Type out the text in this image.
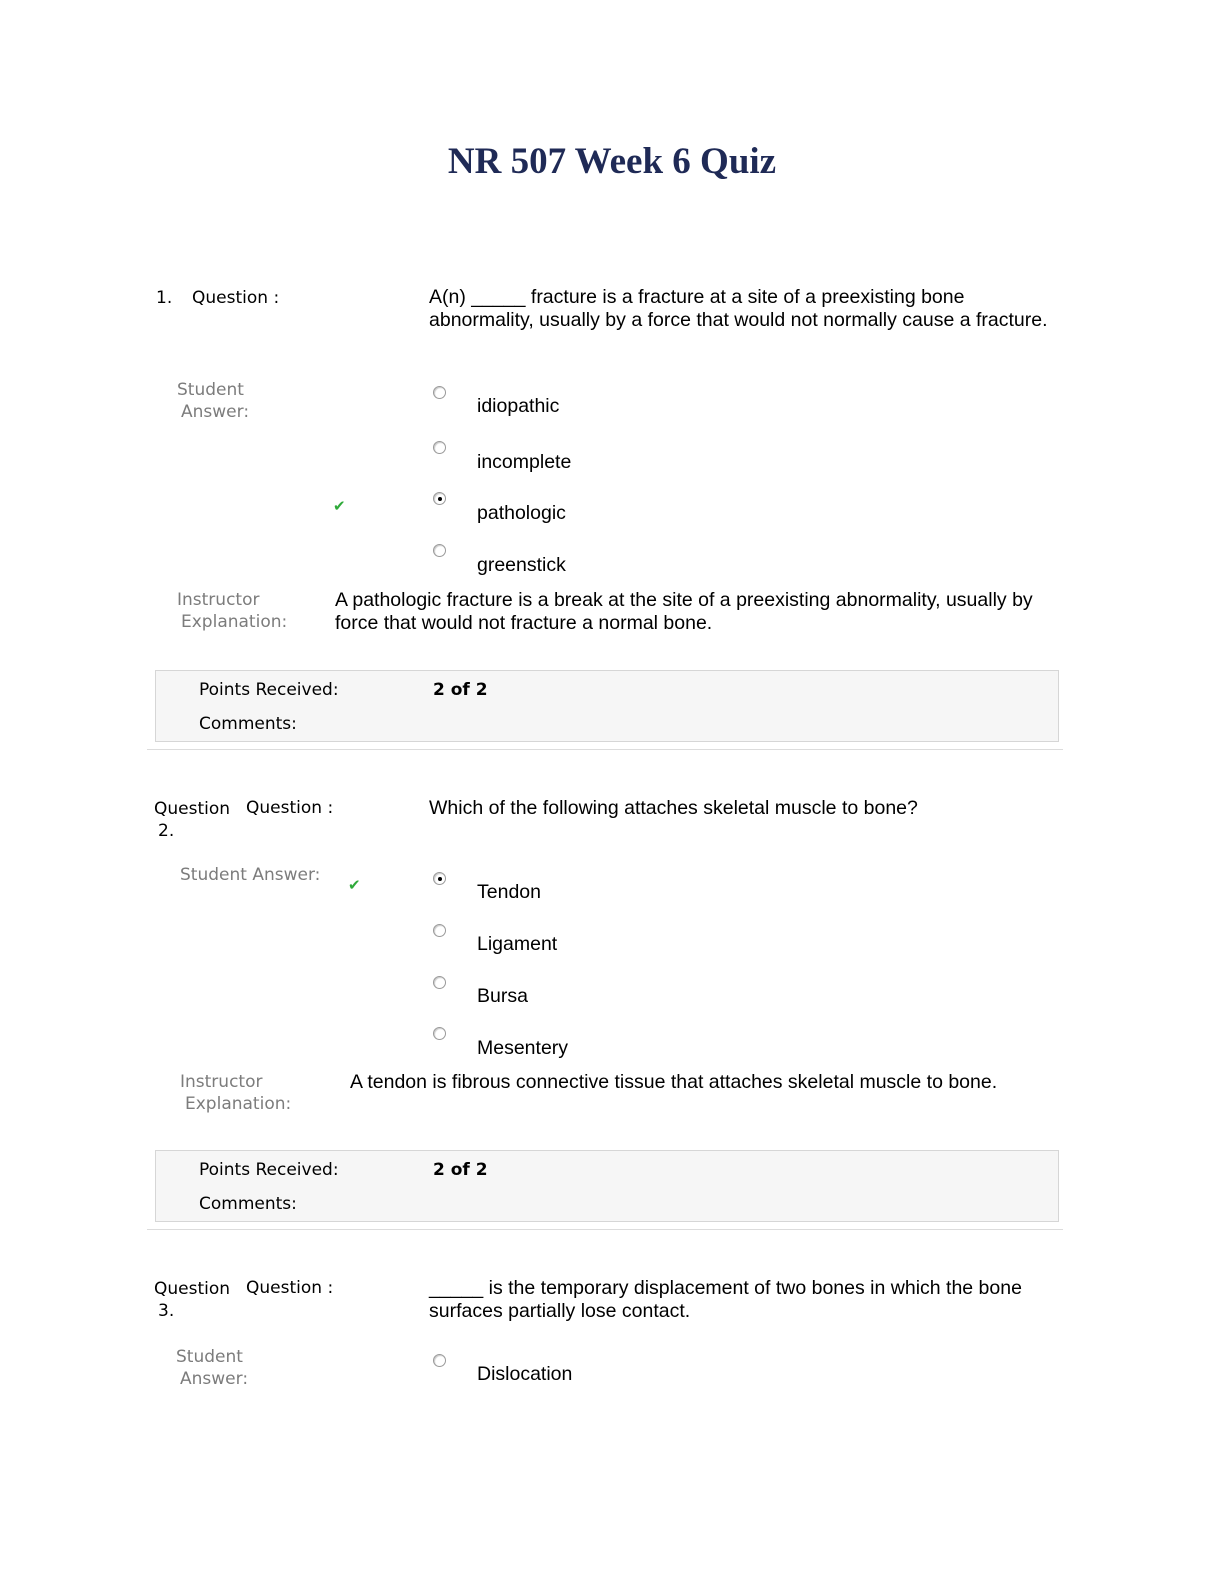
NR 507 Week 6 Quiz
1. Question :	A(n) _____ fracture is a fracture at a site of a preexisting bone abnormality, usually by a force that would not normally cause a fracture.
Student
Answer:	idiopathic
incomplete
✔	pathologic
greenstick
Instructor
Explanation:
A pathologic fracture is a break at the site of a preexisting abnormality, usually by force that would not fracture a normal bone.
Points Received:	2 of 2
Comments:
Question
2.
Question :	Which of the following attaches skeletal muscle to bone?
Student Answer: ✔	Tendon
Ligament
Bursa
Mesentery
Instructor
Explanation:
A tendon is fibrous connective tissue that attaches skeletal muscle to bone.
Points Received:	2 of 2
Comments:
Question
3.
Question :	_____ is the temporary displacement of two bones in which the bone surfaces partially lose contact.
Student
Answer:	Dislocation
